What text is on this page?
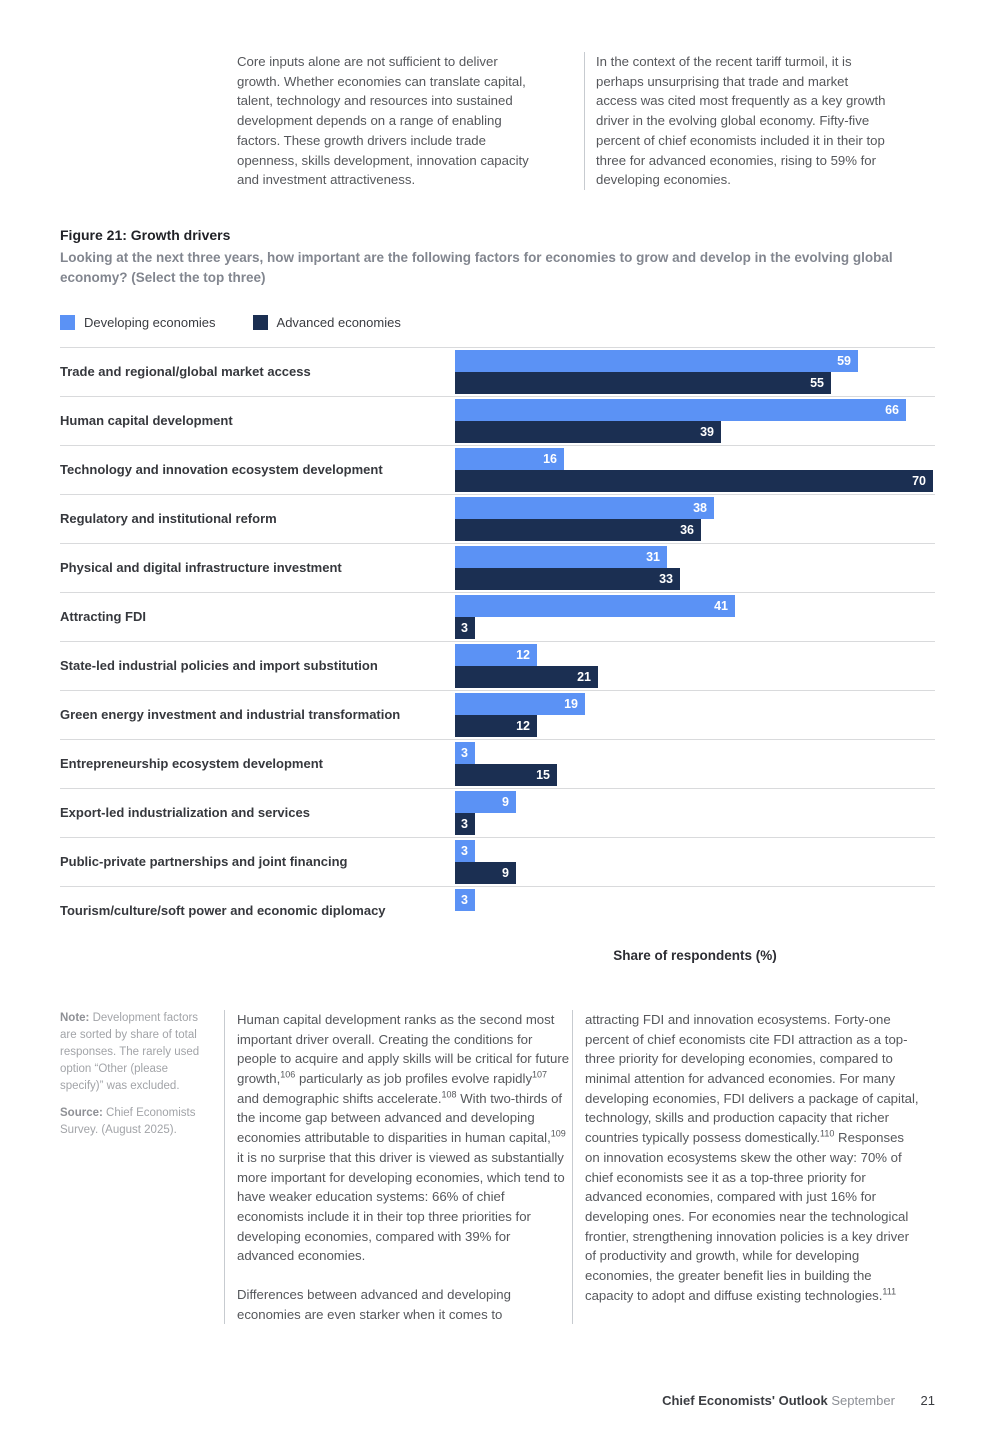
Core inputs alone are not sufficient to deliver growth. Whether economies can translate capital, talent, technology and resources into sustained development depends on a range of enabling factors. These growth drivers include trade openness, skills development, innovation capacity and investment attractiveness.

In the context of the recent tariff turmoil, it is perhaps unsurprising that trade and market access was cited most frequently as a key growth driver in the evolving global economy. Fifty-five percent of chief economists included it in their top three for advanced economies, rising to 59% for developing economies.

Figure 21: Growth drivers
Looking at the next three years, how important are the following factors for economies to grow and develop in the evolving global economy? (Select the top three)
Developing economies	Advanced economies
Trade and regional/global market access
59
55
Human capital development
66
39
Technology and innovation ecosystem development
16
70
Regulatory and institutional reform
38
36
Physical and digital infrastructure investment
31
33
Attracting FDI
41
3
State-led industrial policies and import substitution
12
21
Green energy investment and industrial transformation
19
12
Entrepreneurship ecosystem development
3
15
Export-led industrialization and services
9
3
Public-private partnerships and joint financing
3
9
Tourism/culture/soft power and economic diplomacy
3
Share of respondents (%)

Note: Development factors are sorted by share of total responses. The rarely used option “Other (please specify)” was excluded.

Source: Chief Economists Survey. (August 2025).

Human capital development ranks as the second most important driver overall. Creating the conditions for people to acquire and apply skills will be critical for future growth,$^{106}$ particularly as job profiles evolve rapidly$^{107}$ and demographic shifts accelerate.$^{108}$ With two-thirds of the income gap between advanced and developing economies attributable to disparities in human capital,$^{109}$ it is no surprise that this driver is viewed as substantially more important for developing economies, which tend to have weaker education systems: 66% of chief economists include it in their top three priorities for developing economies, compared with 39% for advanced economies.

Differences between advanced and developing economies are even starker when it comes to

attracting FDI and innovation ecosystems. Forty-one percent of chief economists cite FDI attraction as a top-three priority for developing economies, compared to minimal attention for advanced economies. For many developing economies, FDI delivers a package of capital, technology, skills and production capacity that richer countries typically possess domestically.$^{110}$ Responses on innovation ecosystems skew the other way: 70% of chief economists see it as a top-three priority for advanced economies, compared with just 16% for developing ones. For economies near the technological frontier, strengthening innovation policies is a key driver of productivity and growth, while for developing economies, the greater benefit lies in building the capacity to adopt and diffuse existing technologies.$^{111}$

Chief Economists' Outlook September 21
